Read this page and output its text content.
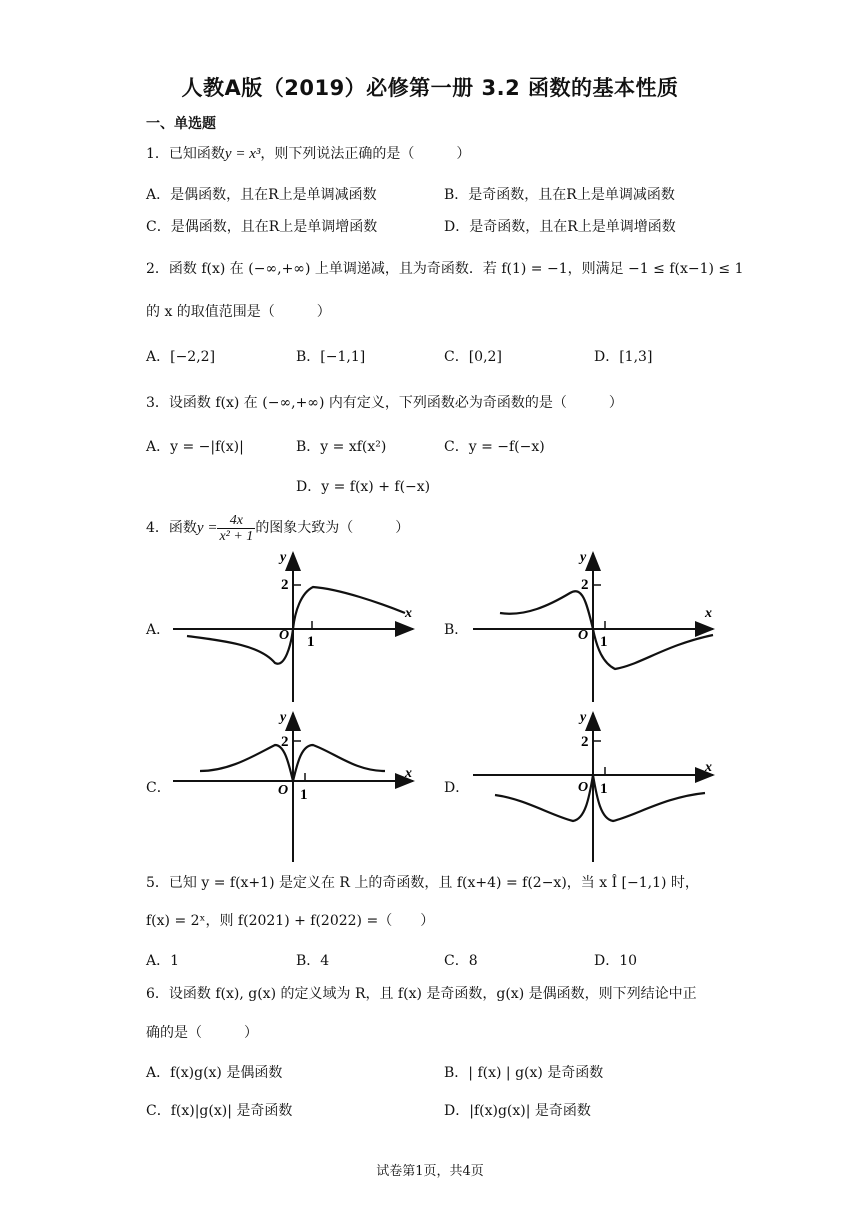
人教A版（2019）必修第一册 3.2 函数的基本性质
一、单选题
1．已知函数y = x³，则下列说法正确的是（　　　）
A．是偶函数，且在R上是单调减函数	B．是奇函数，且在R上是单调减函数
C．是偶函数，且在R上是单调增函数	D．是奇函数，且在R上是单调增函数
2．函数 f(x) 在 (−∞,+∞) 上单调递减，且为奇函数．若 f(1) = −1，则满足 −1 ≤ f(x−1) ≤ 1
的 x 的取值范围是（　　　）
A．[−2,2]	B．[−1,1]	C．[0,2]	D．[1,3]
3．设函数 f(x) 在 (−∞,+∞) 内有定义，下列函数必为奇函数的是（　　　）
A．y = −|f(x)|	B．y = xf(x²)	C．y = −f(−x)
D．y = f(x) + f(−x)
4．函数$y = \frac{4x}{\text{x² + 1}}$ 的图象大致为（　　　）
A．	B．
C．	D．
2
1
O
x
y
2
1
O
x
y
2
1
O
x
y
2
1
O
x
y
5．已知 y = f(x+1) 是定义在 R 上的奇函数，且 f(x+4) = f(2−x)，当 x Î [−1,1) 时，
f(x) = 2ˣ，则 f(2021) + f(2022) =（　　）
A．1	B．4	C．8	D．10
6．设函数 f(x), g(x) 的定义域为 R，且 f(x) 是奇函数，g(x) 是偶函数，则下列结论中正
确的是（　　　）
A．f(x)g(x) 是偶函数	B．| f(x) | g(x) 是奇函数
C．f(x)|g(x)| 是奇函数	D．|f(x)g(x)| 是奇函数
试卷第1页，共4页
